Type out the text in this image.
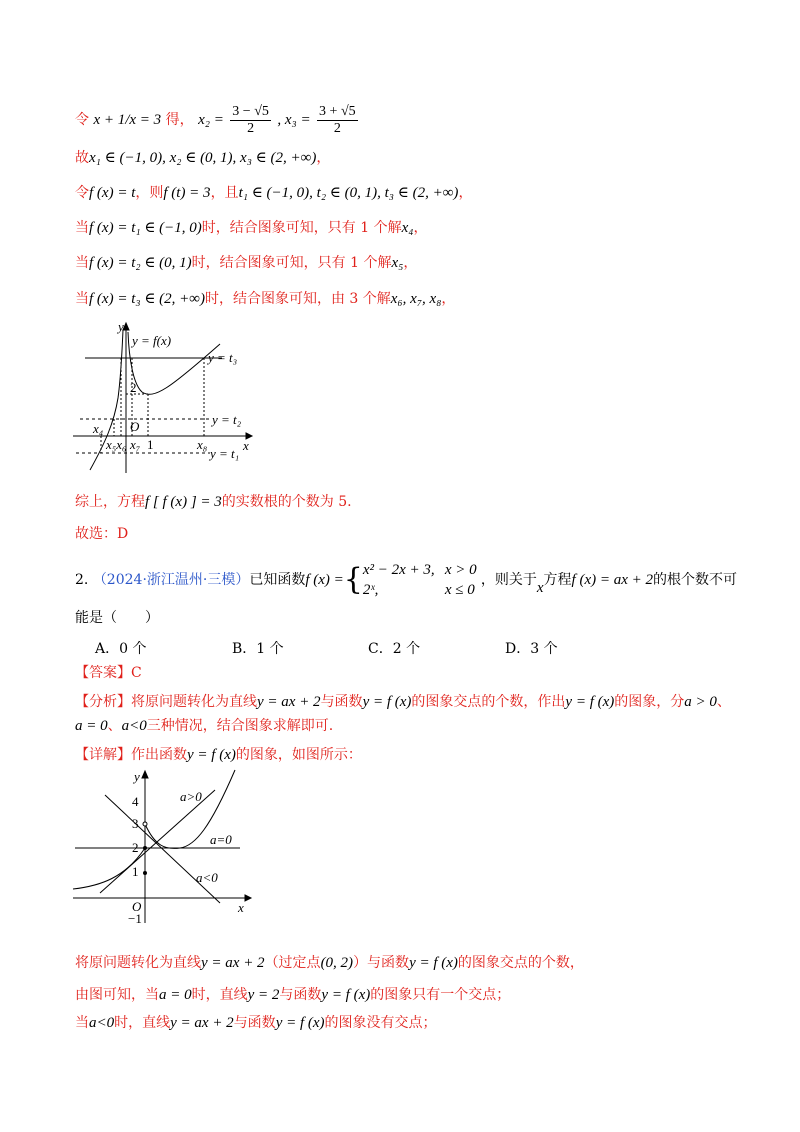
令 x + 1/x = 3 得， $x_2 = \frac{3 - √5}{2}$ , $x_3 = \frac{3 + √5}{2}$
故x₁ ∈ (−1, 0), x₂ ∈ (0, 1), x₃ ∈ (2, +∞)，
令f (x) = t，则f (t) = 3，且t₁ ∈ (−1, 0), t₂ ∈ (0, 1), t₃ ∈ (2, +∞)，
当f (x) = t₁ ∈ (−1, 0)时，结合图象可知，只有 1 个解x₄，
当f (x) = t₂ ∈ (0, 1)时，结合图象可知，只有 1 个解x₅，
当f (x) = t₃ ∈ (2, +∞)时，结合图象可知，由 3 个解x₆, x₇, x₈，
y
x
y = f(x)
y = t₃
y = t₂
y = t₁
2
O
1
x₄
x₅x₆ x₇	x₈
综上，方程f [ f (x) ] = 3的实数根的个数为 5.
故选：D
2. （2024·浙江温州·三模）已知函数f (x) ={ x² − 2x + 3, x > 0
2ˣ,	x ≤ 0
，则关于x方程f (x) = ax + 2的根个数不可
能是（　　）
A．0 个	B．1 个	C．2 个	D．3 个
【答案】C
【分析】将原问题转化为直线y = ax + 2与函数y = f (x)的图象交点的个数，作出y = f (x)的图象，分a > 0、
a = 0、a<0三种情况，结合图象求解即可.
【详解】作出函数y = f (x)的图象，如图所示：
y
x
4
3
2
1
O
−1
a>0
a=0
a<0
将原问题转化为直线y = ax + 2（过定点(0, 2)）与函数y = f (x)的图象交点的个数，
由图可知，当a = 0时，直线y = 2与函数y = f (x)的图象只有一个交点；
当a<0时，直线y = ax + 2与函数y = f (x)的图象没有交点；
